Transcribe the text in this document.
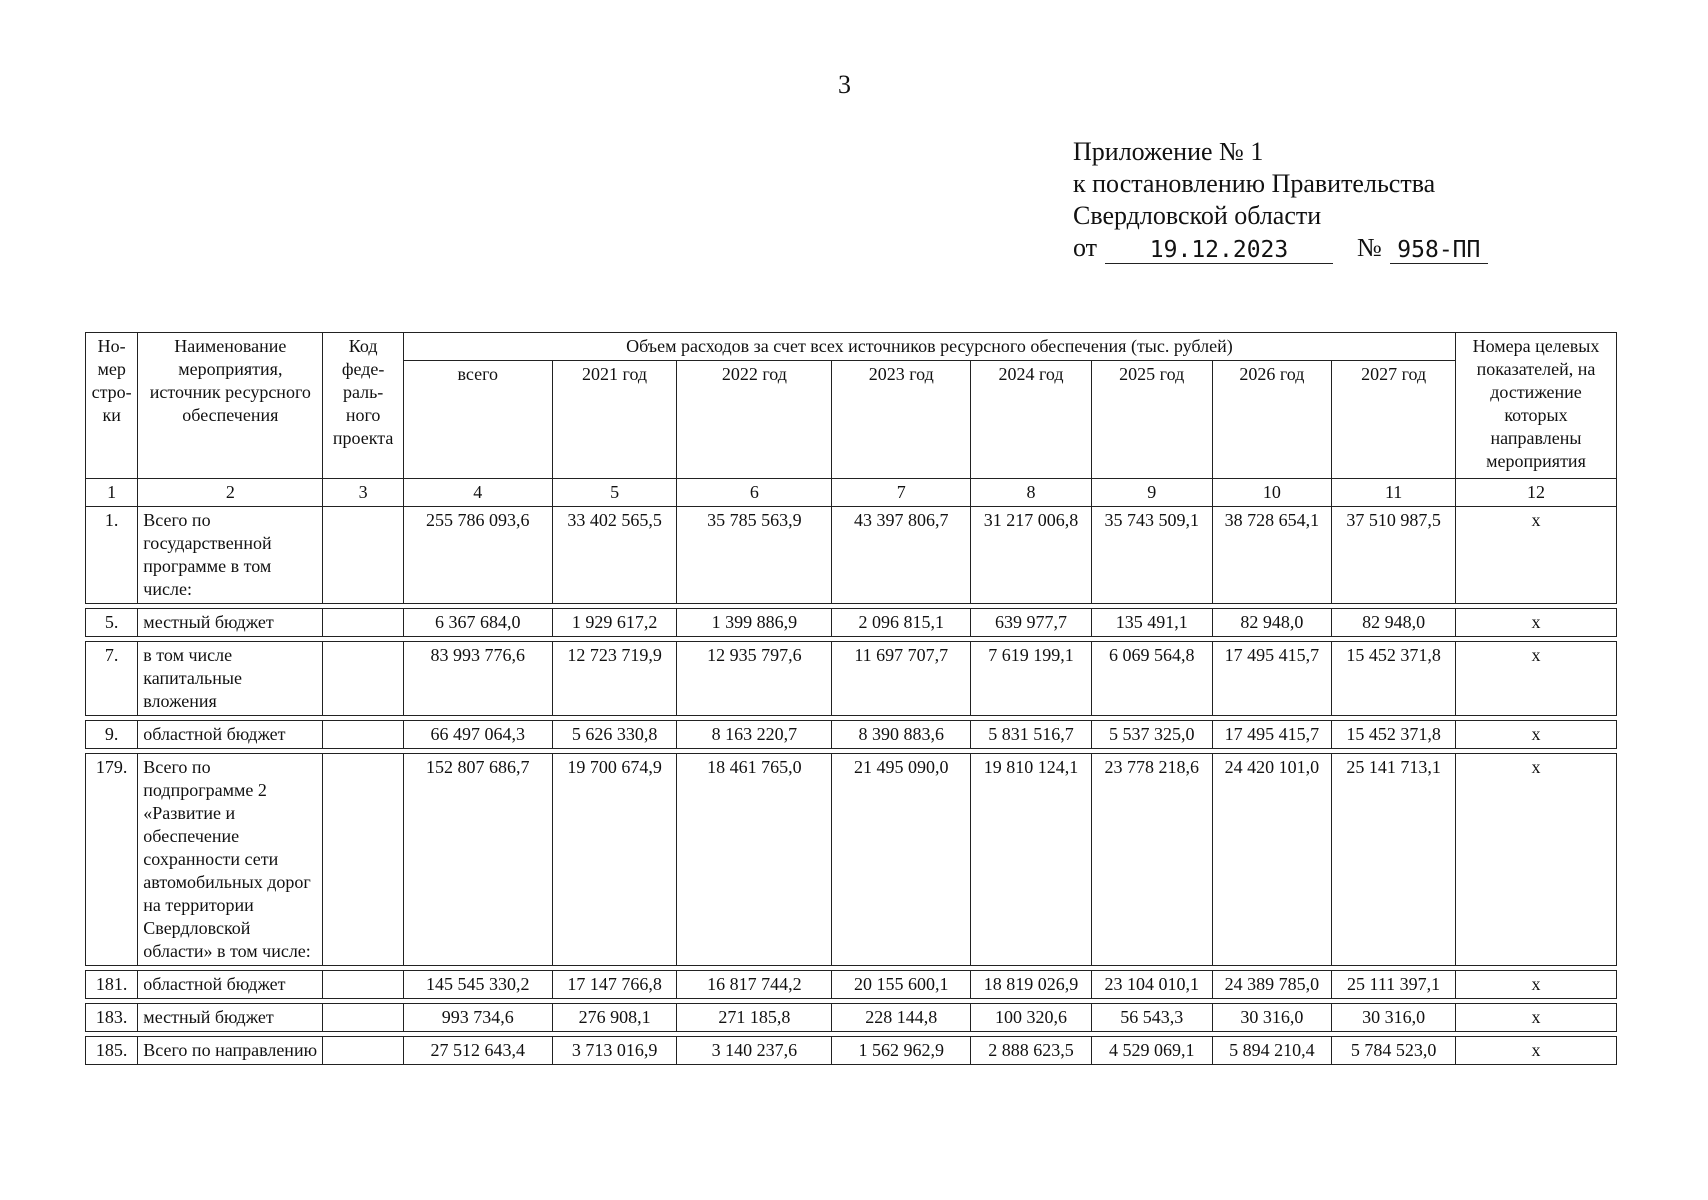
3
Приложение № 1
к постановлению Правительства
Свердловской области
от	19.12.2023	№ 958-ПП
Но-мер стро-ки	Наименование мероприятия, источник ресурсного обеспечения	Код феде-раль-ного проекта	Объем расходов за счет всех источников ресурсного обеспечения (тыс. рублей)								Номера целевых показателей, на достижение которых направлены мероприятия
			всего	2021 год	2022 год	2023 год	2024 год	2025 год	2026 год	2027 год	
1	2	3	4	5	6	7	8	9	10	11	12
1.	Всего по государственной программе в том числе:		255 786 093,6	33 402 565,5	35 785 563,9	43 397 806,7	31 217 006,8	35 743 509,1	38 728 654,1	37 510 987,5	х

5.	местный бюджет		6 367 684,0	1 929 617,2	1 399 886,9	2 096 815,1	639 977,7	135 491,1	82 948,0	82 948,0	х

7.	в том числе капитальные вложения		83 993 776,6	12 723 719,9	12 935 797,6	11 697 707,7	7 619 199,1	6 069 564,8	17 495 415,7	15 452 371,8	х

9.	областной бюджет		66 497 064,3	5 626 330,8	8 163 220,7	8 390 883,6	5 831 516,7	5 537 325,0	17 495 415,7	15 452 371,8	х

179.	Всего по подпрограмме 2 «Развитие и обеспечение сохранности сети автомобильных дорог на территории Свердловской области» в том числе:		152 807 686,7	19 700 674,9	18 461 765,0	21 495 090,0	19 810 124,1	23 778 218,6	24 420 101,0	25 141 713,1	х

181.	областной бюджет		145 545 330,2	17 147 766,8	16 817 744,2	20 155 600,1	18 819 026,9	23 104 010,1	24 389 785,0	25 111 397,1	х

183.	местный бюджет		993 734,6	276 908,1	271 185,8	228 144,8	100 320,6	56 543,3	30 316,0	30 316,0	х

185.	Всего по направлению		27 512 643,4	3 713 016,9	3 140 237,6	1 562 962,9	2 888 623,5	4 529 069,1	5 894 210,4	5 784 523,0	х
